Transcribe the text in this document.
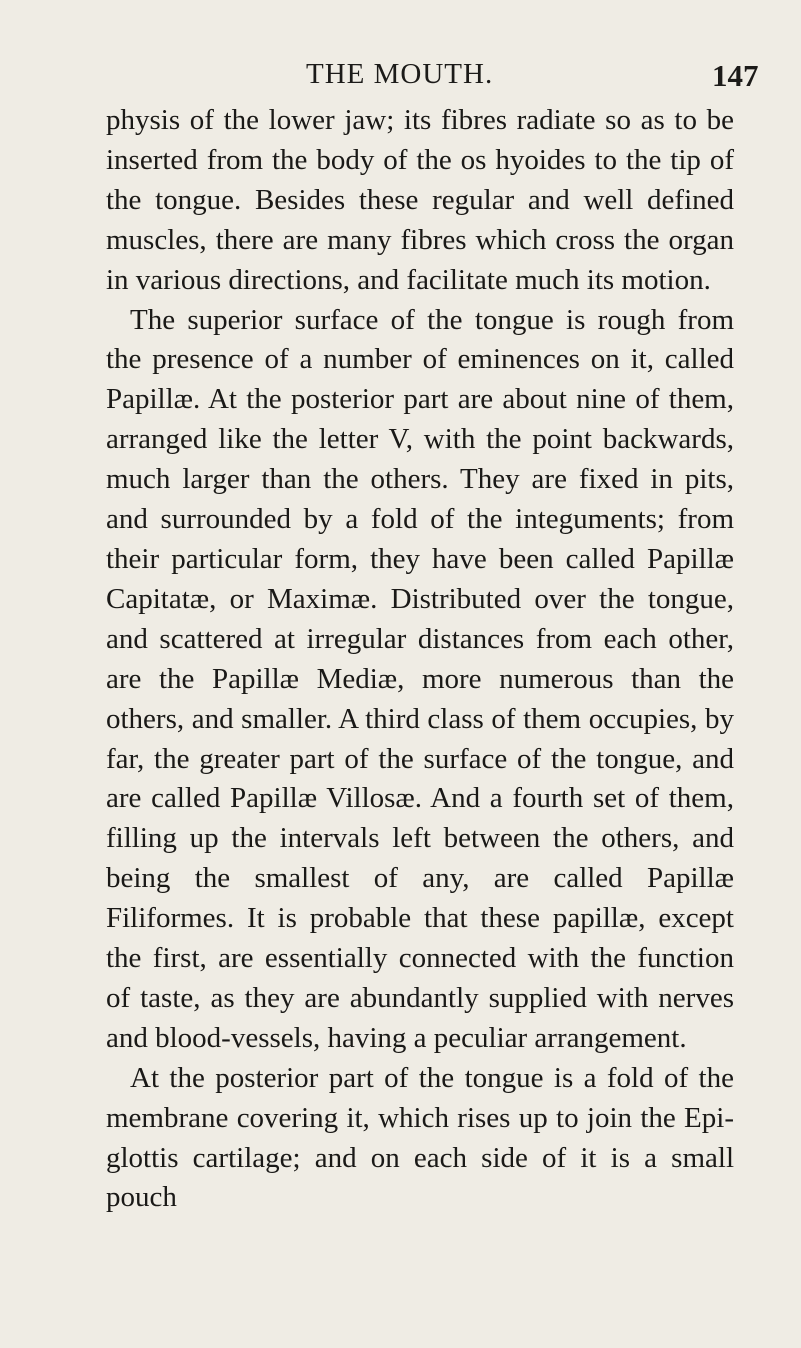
THE MOUTH.	147

physis of the lower jaw; its fibres radiate so as to be inserted from the body of the os hyoides to the tip of the tongue. Besides these regular and well defined muscles, there are many fibres which cross the organ in various directions, and facilitate much its motion.

The superior surface of the tongue is rough from the presence of a number of eminences on it, called Papillæ. At the posterior part are about nine of them, arranged like the letter V, with the point backwards, much larger than the others. They are fixed in pits, and surrounded by a fold of the integuments; from their particular form, they have been called Papillæ Capitatæ, or Maximæ. Distributed over the tongue, and scattered at irregular distances from each other, are the Papillæ Mediæ, more numerous than the others, and smaller. A third class of them occupies, by far, the greater part of the surface of the tongue, and are called Papillæ Villosæ. And a fourth set of them, filling up the intervals left between the others, and being the smallest of any, are called Papillæ Filiformes. It is probable that these papillæ, except the first, are essentially connected with the function of taste, as they are abundantly supplied with nerves and blood-vessels, having a peculiar arrangement.

At the posterior part of the tongue is a fold of the membrane covering it, which rises up to join the Epiglottis cartilage; and on each side of it is a small pouch
